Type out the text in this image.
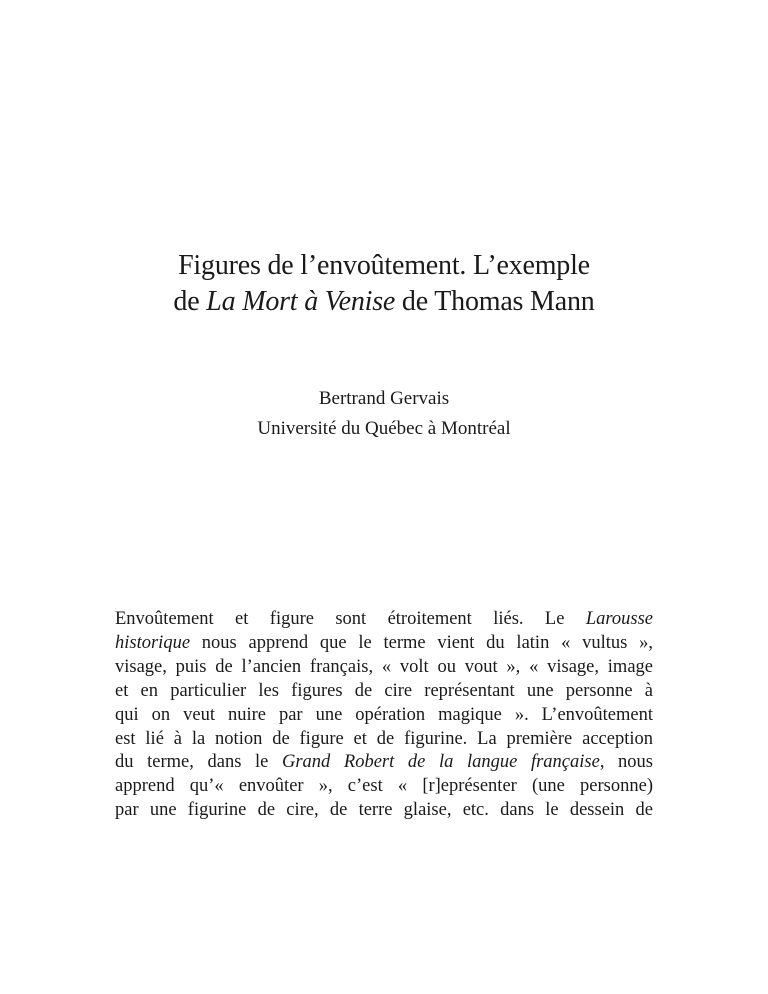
Figures de l’envoûtement. L’exemple
de La Mort à Venise de Thomas Mann
Bertrand Gervais
Université du Québec à Montréal
Envoûtement et figure sont étroitement liés. Le Larousse
historique nous apprend que le terme vient du latin « vultus »,
visage, puis de l’ancien français, « volt ou vout », « visage, image
et en particulier les figures de cire représentant une personne à
qui on veut nuire par une opération magique ». L’envoûtement
est lié à la notion de figure et de figurine. La première acception
du terme, dans le Grand Robert de la langue française, nous
apprend qu’« envoûter », c’est « [r]eprésenter (une personne)
par une figurine de cire, de terre glaise, etc. dans le dessein de
